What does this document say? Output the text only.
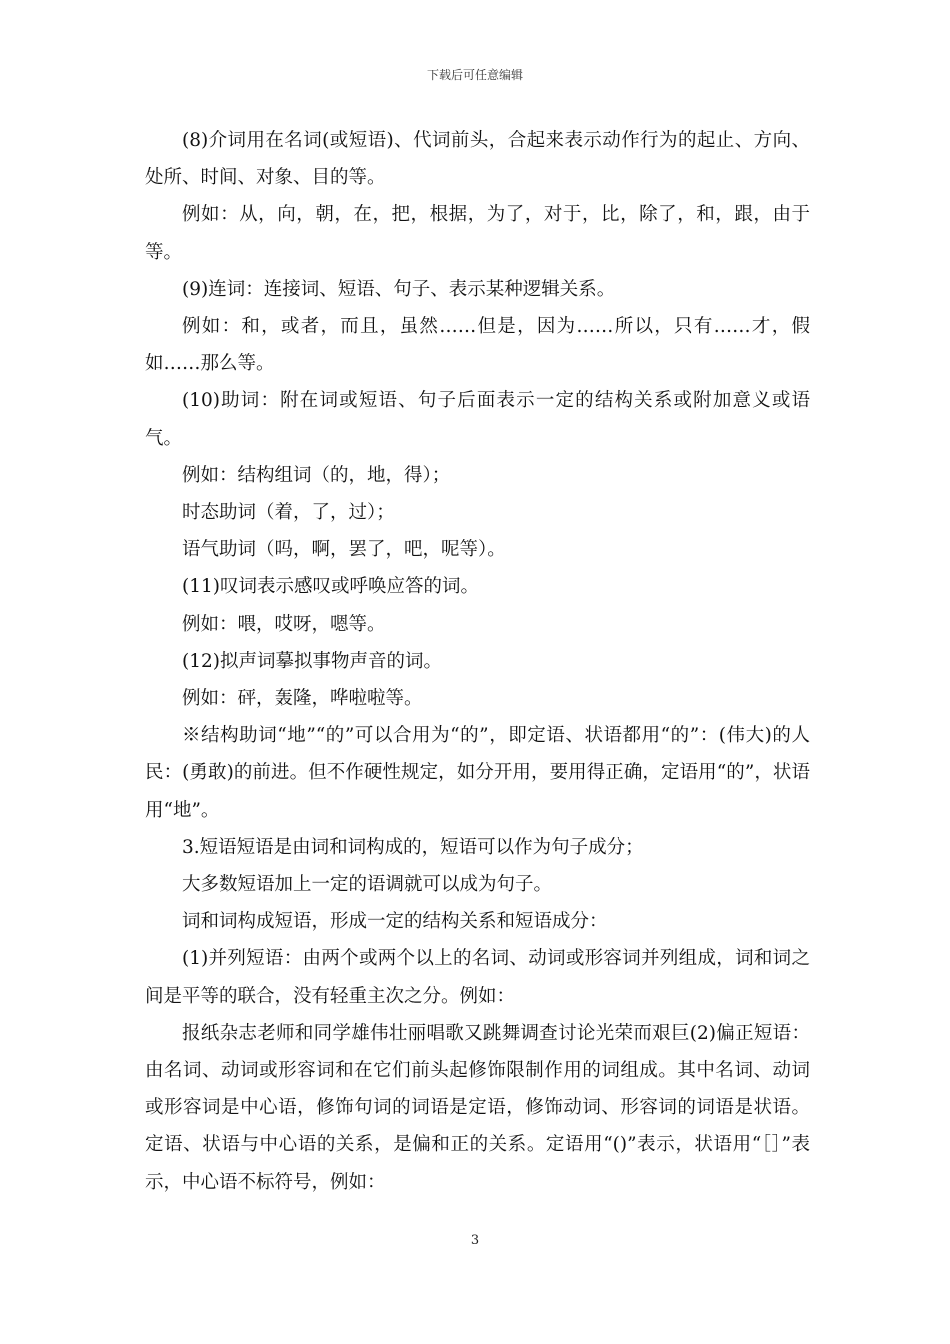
下载后可任意编辑

(8)介词用在名词(或短语)、代词前头，合起来表示动作行为的起止、方向、处所、时间、对象、目的等。

例如：从，向，朝，在，把，根据，为了，对于，比，除了，和，跟，由于等。

(9)连词：连接词、短语、句子、表示某种逻辑关系。

例如：和，或者，而且，虽然……但是，因为……所以，只有……才，假如……那么等。

(10)助词：附在词或短语、句子后面表示一定的结构关系或附加意义或语气。

例如：结构组词（的，地，得）；

时态助词（着，了，过）；

语气助词（吗，啊，罢了，吧，呢等）。

(11)叹词表示感叹或呼唤应答的词。

例如：喂，哎呀，嗯等。

(12)拟声词摹拟事物声音的词。

例如：砰，轰隆，哗啦啦等。

※结构助词“地”“的”可以合用为“的”，即定语、状语都用“的”：(伟大)的人民：(勇敢)的前进。但不作硬性规定，如分开用，要用得正确，定语用“的”，状语用“地”。

3.短语短语是由词和词构成的，短语可以作为句子成分；

大多数短语加上一定的语调就可以成为句子。

词和词构成短语，形成一定的结构关系和短语成分：

(1)并列短语：由两个或两个以上的名词、动词或形容词并列组成，词和词之间是平等的联合，没有轻重主次之分。例如：

报纸杂志老师和同学雄伟壮丽唱歌又跳舞调查讨论光荣而艰巨(2)偏正短语：由名词、动词或形容词和在它们前头起修饰限制作用的词组成。其中名词、动词或形容词是中心语，修饰句词的词语是定语，修饰动词、形容词的词语是状语。定语、状语与中心语的关系，是偏和正的关系。定语用“()”表示，状语用“［］”表示，中心语不标符号，例如：

3
